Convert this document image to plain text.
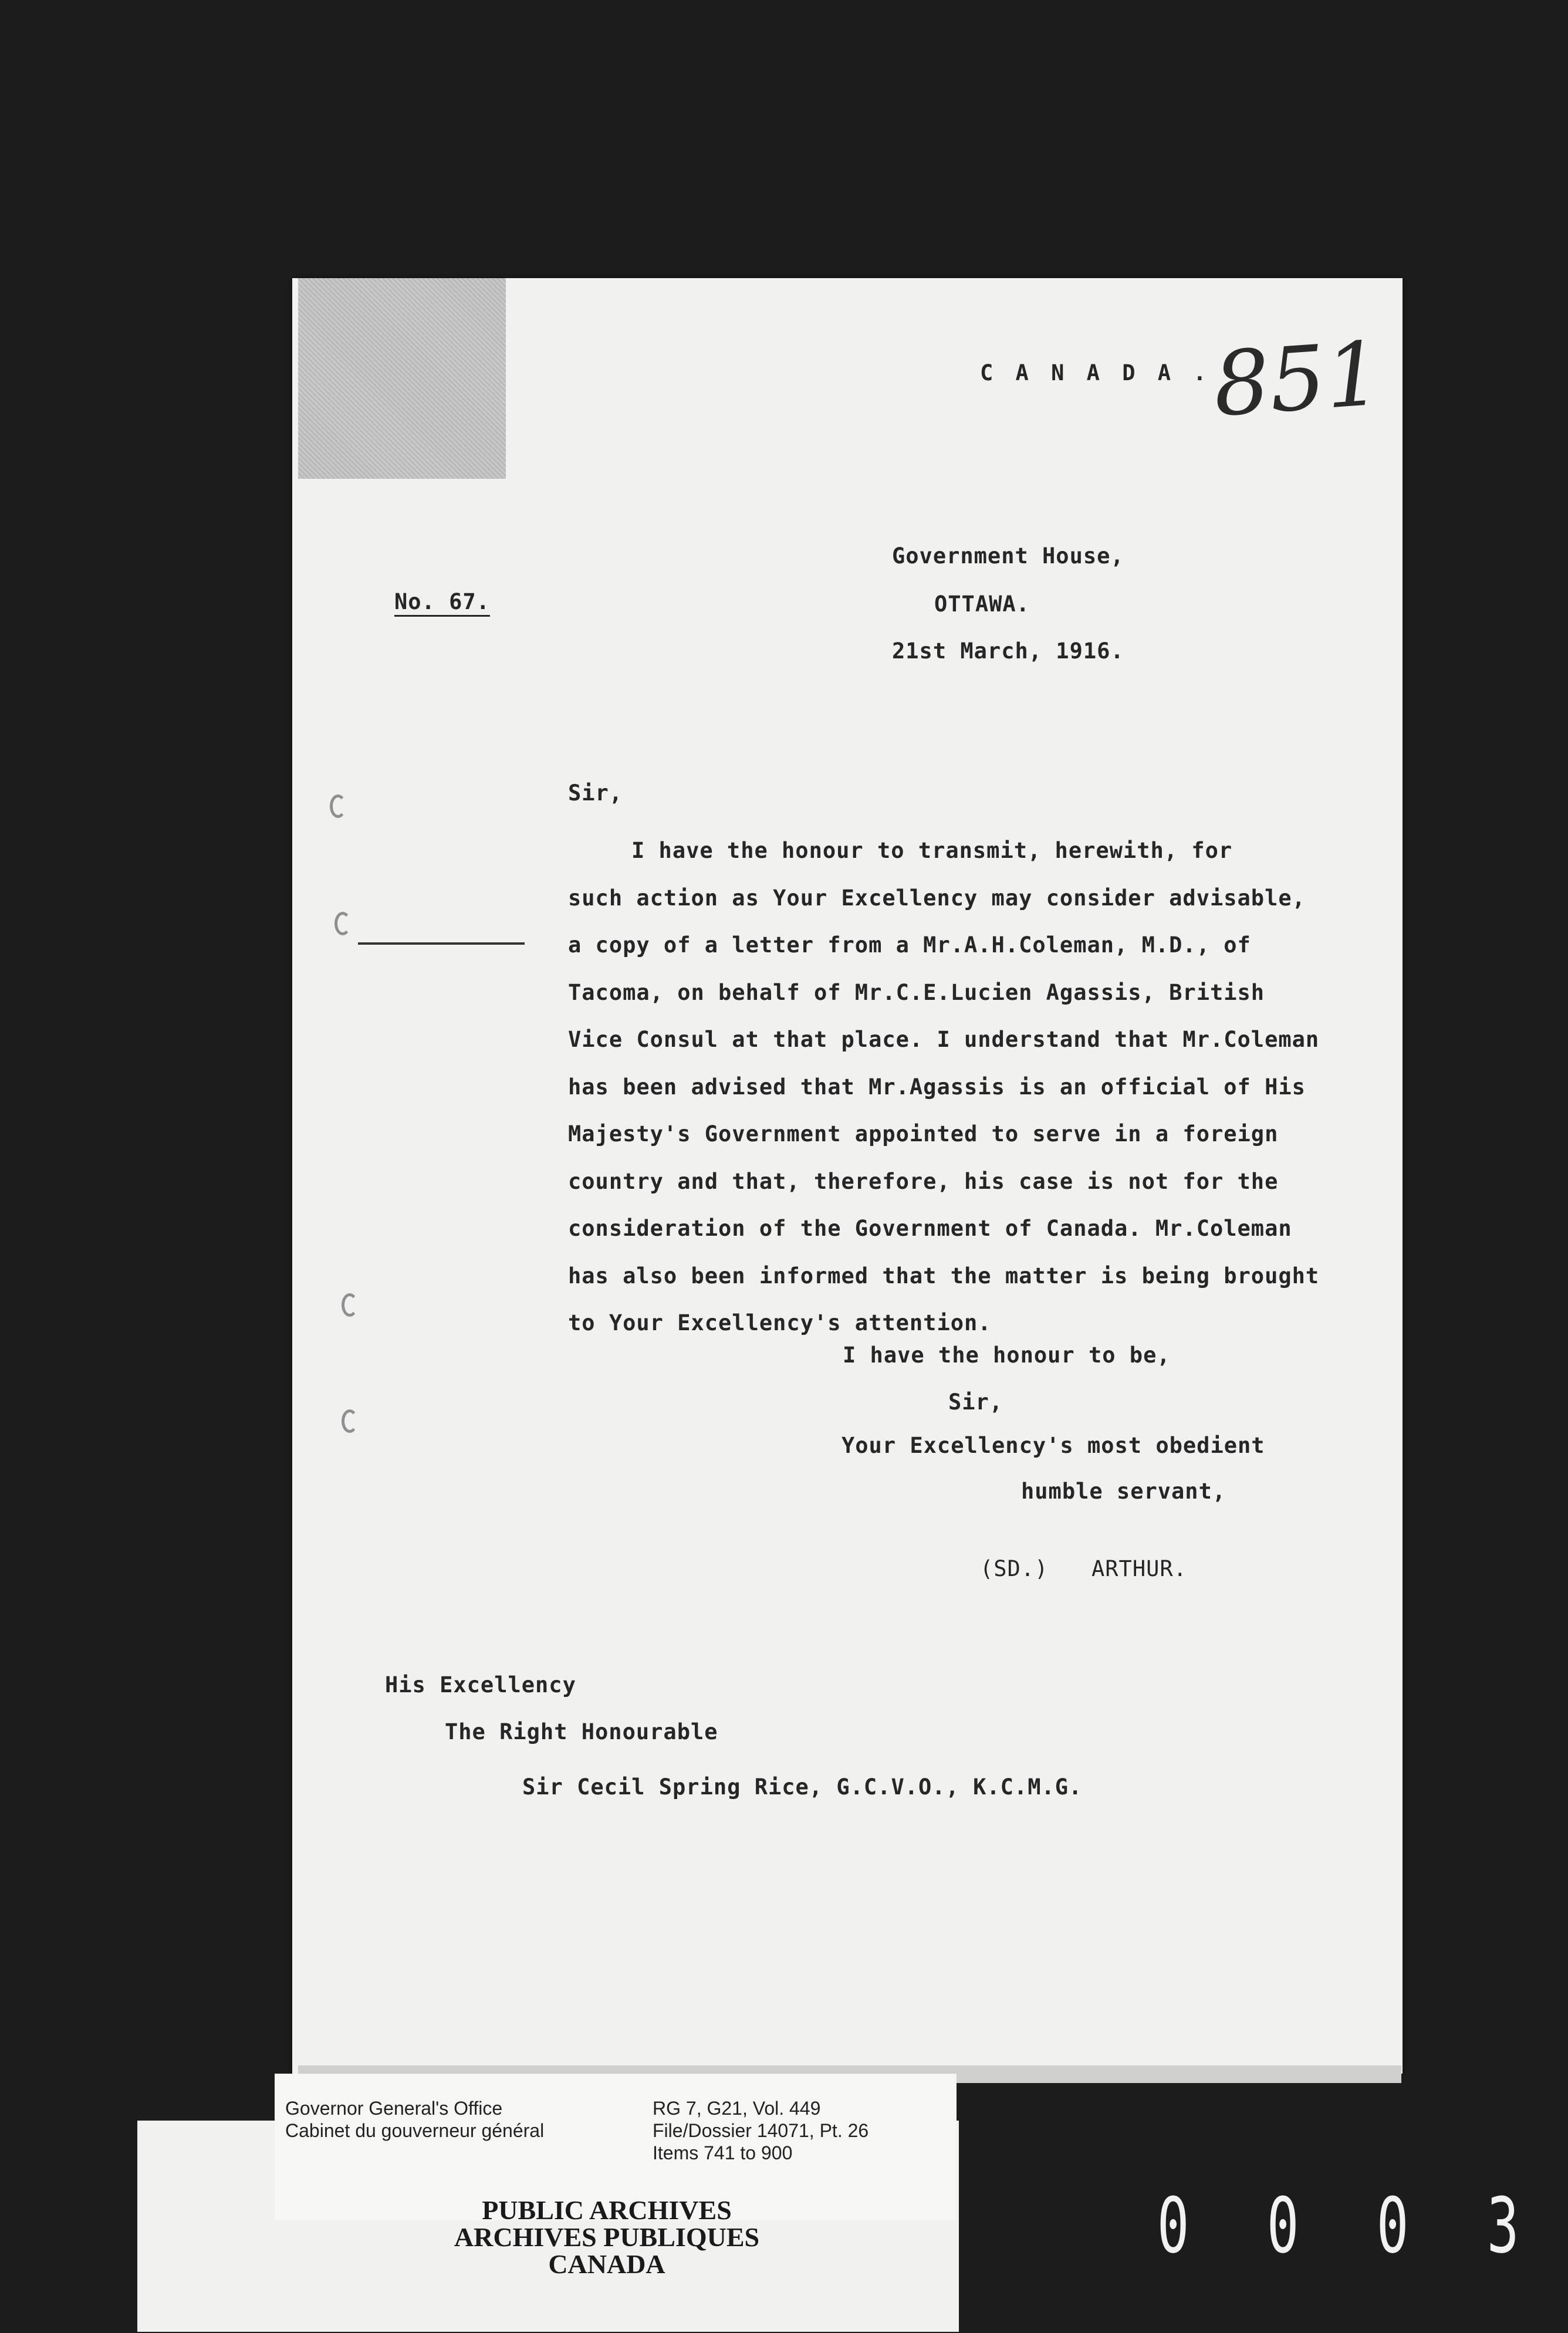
C A N A D A .
851
Government House,
No. 67.	OTTAWA.
21st March, 1916.
Sir,
I have the honour to transmit, herewith, for
such action as Your Excellency may consider advisable,
a copy of a letter from a Mr.A.H.Coleman, M.D., of
Tacoma, on behalf of Mr.C.E.Lucien Agassis, British
Vice Consul at that place. I understand that Mr.Coleman
has been advised that Mr.Agassis is an official of His
Majesty's Government appointed to serve in a foreign
country and that, therefore, his case is not for the
consideration of the Government of Canada. Mr.Coleman
has also been informed that the matter is being brought
to Your Excellency's attention.
I have the honour to be,
Sir,
Your Excellency's most obedient
humble servant,
(SD.) ARTHUR.
His Excellency
The Right Honourable
Sir Cecil Spring Rice, G.C.V.O., K.C.M.G.
Governor General's Office
Cabinet du gouverneur général
RG 7, G21, Vol. 449
File/Dossier 14071, Pt. 26
Items 741 to 900
PUBLIC ARCHIVES
ARCHIVES PUBLIQUES
CANADA	0 0 0 3
